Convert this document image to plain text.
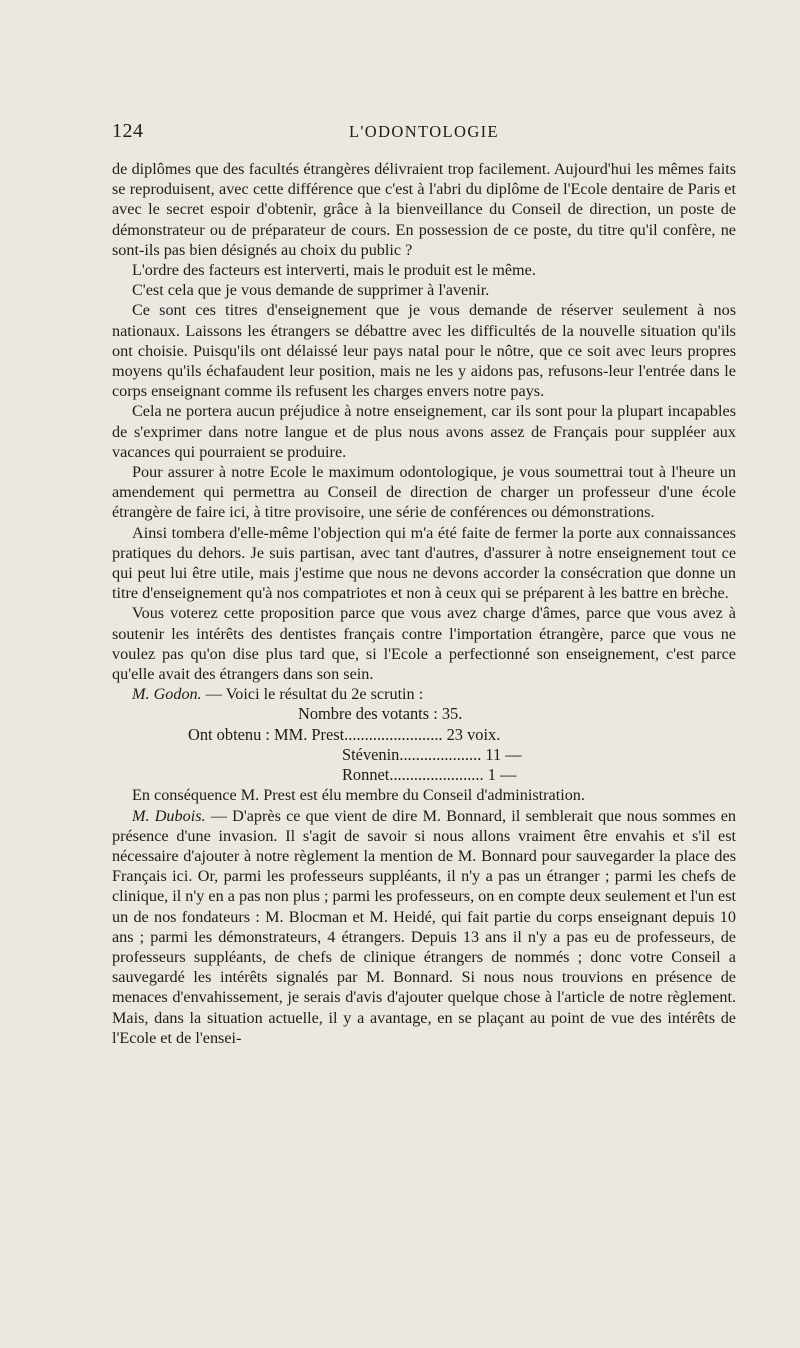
124	L'ODONTOLOGIE

de diplômes que des facultés étrangères délivraient trop facilement. Aujourd'hui les mêmes faits se reproduisent, avec cette différence que c'est à l'abri du diplôme de l'Ecole dentaire de Paris et avec le secret espoir d'obtenir, grâce à la bienveillance du Conseil de direction, un poste de démonstrateur ou de préparateur de cours. En possession de ce poste, du titre qu'il confère, ne sont-ils pas bien désignés au choix du public ?

L'ordre des facteurs est interverti, mais le produit est le même.

C'est cela que je vous demande de supprimer à l'avenir.

Ce sont ces titres d'enseignement que je vous demande de réserver seulement à nos nationaux. Laissons les étrangers se débattre avec les difficultés de la nouvelle situation qu'ils ont choisie. Puisqu'ils ont délaissé leur pays natal pour le nôtre, que ce soit avec leurs propres moyens qu'ils échafaudent leur position, mais ne les y aidons pas, refusons-leur l'entrée dans le corps enseignant comme ils refusent les charges envers notre pays.

Cela ne portera aucun préjudice à notre enseignement, car ils sont pour la plupart incapables de s'exprimer dans notre langue et de plus nous avons assez de Français pour suppléer aux vacances qui pourraient se produire.

Pour assurer à notre Ecole le maximum odontologique, je vous soumettrai tout à l'heure un amendement qui permettra au Conseil de direction de charger un professeur d'une école étrangère de faire ici, à titre provisoire, une série de conférences ou démonstrations.

Ainsi tombera d'elle-même l'objection qui m'a été faite de fermer la porte aux connaissances pratiques du dehors. Je suis partisan, avec tant d'autres, d'assurer à notre enseignement tout ce qui peut lui être utile, mais j'estime que nous ne devons accorder la consécration que donne un titre d'enseignement qu'à nos compatriotes et non à ceux qui se préparent à les battre en brèche.

Vous voterez cette proposition parce que vous avez charge d'âmes, parce que vous avez à soutenir les intérêts des dentistes français contre l'importation étrangère, parce que vous ne voulez pas qu'on dise plus tard que, si l'Ecole a perfectionné son enseignement, c'est parce qu'elle avait des étrangers dans son sein.

M. Godon. — Voici le résultat du 2e scrutin :

Nombre des votants : 35.
Ont obtenu : MM. Prest........................ 23 voix.
Stévenin.................... 11 —
Ronnet....................... 1 —

En conséquence M. Prest est élu membre du Conseil d'administration.

M. Dubois. — D'après ce que vient de dire M. Bonnard, il semblerait que nous sommes en présence d'une invasion. Il s'agit de savoir si nous allons vraiment être envahis et s'il est nécessaire d'ajouter à notre règlement la mention de M. Bonnard pour sauvegarder la place des Français ici. Or, parmi les professeurs suppléants, il n'y a pas un étranger ; parmi les chefs de clinique, il n'y en a pas non plus ; parmi les professeurs, on en compte deux seulement et l'un est un de nos fondateurs : M. Blocman et M. Heidé, qui fait partie du corps enseignant depuis 10 ans ; parmi les démonstrateurs, 4 étrangers. Depuis 13 ans il n'y a pas eu de professeurs, de professeurs suppléants, de chefs de clinique étrangers de nommés ; donc votre Conseil a sauvegardé les intérêts signalés par M. Bonnard. Si nous nous trouvions en présence de menaces d'envahissement, je serais d'avis d'ajouter quelque chose à l'article de notre règlement. Mais, dans la situation actuelle, il y a avantage, en se plaçant au point de vue des intérêts de l'Ecole et de l'ensei-
